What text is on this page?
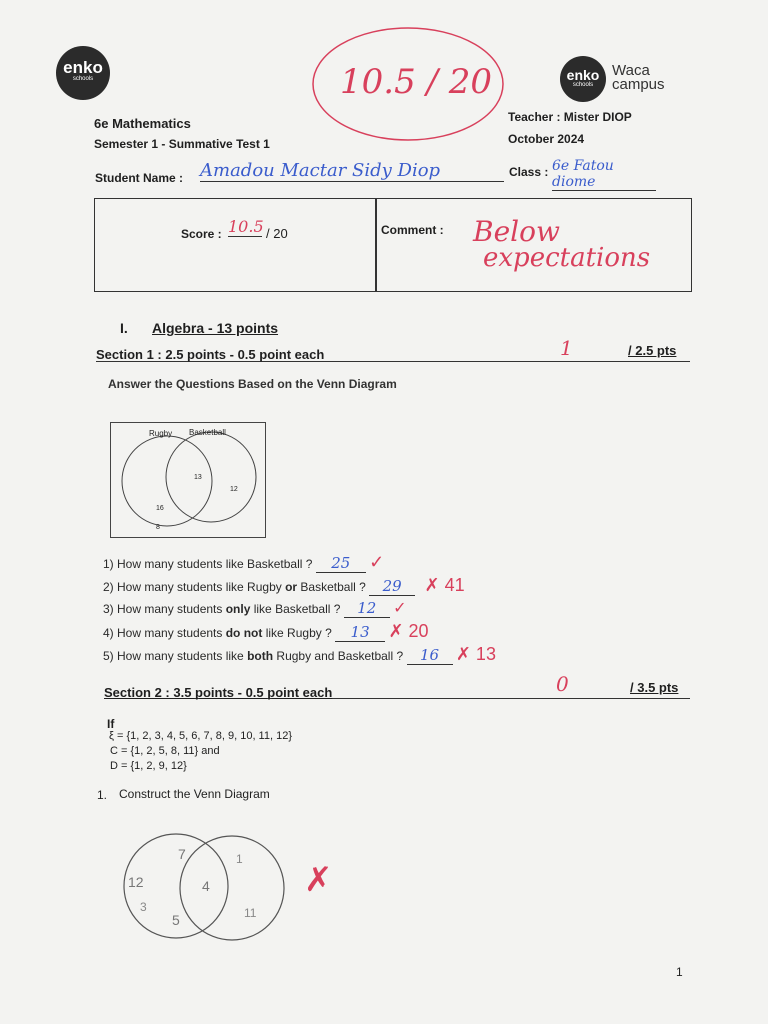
enko
schools	enko
schools
Waca
campus
10.5 / 20
6e Mathematics
Semester 1 - Summative Test 1
Teacher : Mister DIOP
October 2024
Student Name : Amadou Mactar Sidy Diop	Class : 6e Fatou diome
Score : 10.5 / 20	Comment : Below
expectations
I. Algebra - 13 points
Section 1 : 2.5 points - 0.5 point each	1	/ 2.5 pts
Answer the Questions Based on the Venn Diagram
Rugby Basketball
13
12
16
8
1) How many students like Basketball ? 25 ✓
2) How many students like Rugby or Basketball ? 29 ✗ 41
3) How many students only like Basketball ? 12 ✓
4) How many students do not like Rugby ? 13 ✗ 20
5) How many students like both Rugby and Basketball ? 16 ✗ 13
Section 2 : 3.5 points - 0.5 point each	0	/ 3.5 pts
If
ξ = {1, 2, 3, 4, 5, 6, 7, 8, 9, 10, 11, 12}
C = {1, 2, 5, 8, 11} and
D = {1, 2, 9, 12}
1. Construct the Venn Diagram
7
12	4
5	11
3
1
✗
1
